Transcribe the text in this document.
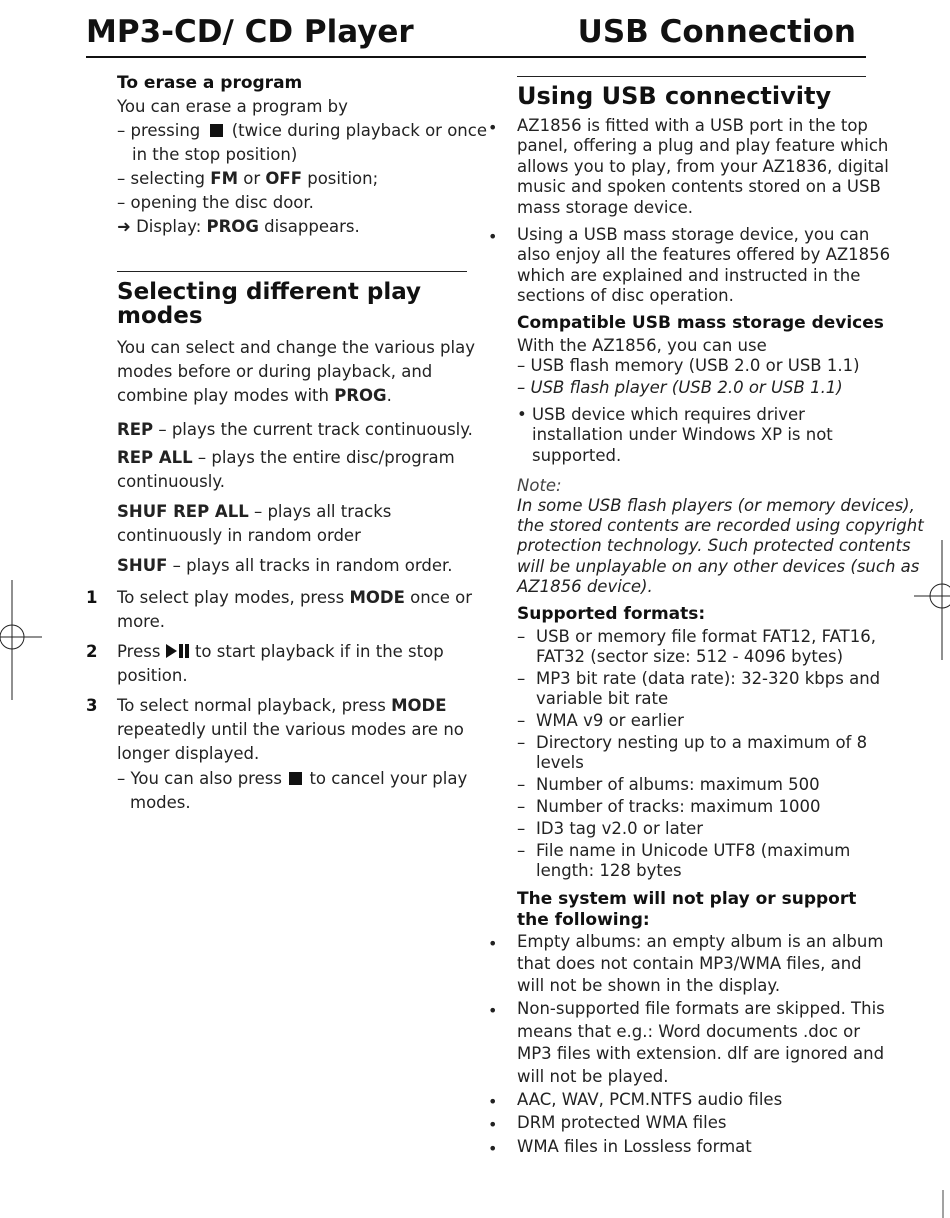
MP3-CD/ CD Player	USB Connection
To erase a program
You can erase a program by
– pressing (twice during playback or once
in the stop position)
– selecting FM or OFF position;
– opening the disc door.
➜ Display: PROG disappears.
Selecting different play
modes
You can select and change the various play
modes before or during playback, and
combine play modes with PROG.
REP – plays the current track continuously.
REP ALL – plays the entire disc/program
continuously.
SHUF REP ALL – plays all tracks
continuously in random order
SHUF – plays all tracks in random order.
1 To select play modes, press MODE once or
more.
2 Press to start playback if in the stop
position.
3 To select normal playback, press MODE
repeatedly until the various modes are no
longer displayed.
– You can also press to cancel your play
modes.
Using USB connectivity
• AZ1856 is fitted with a USB port in the top
panel, offering a plug and play feature which
allows you to play, from your AZ1836, digital
music and spoken contents stored on a USB
mass storage device.
• Using a USB mass storage device, you can
also enjoy all the features offered by AZ1856
which are explained and instructed in the
sections of disc operation.
Compatible USB mass storage devices
With the AZ1856, you can use
– USB flash memory (USB 2.0 or USB 1.1)
– USB flash player (USB 2.0 or USB 1.1)
• USB device which requires driver
installation under Windows XP is not
supported.
Note:
In some USB flash players (or memory devices),
the stored contents are recorded using copyright
protection technology. Such protected contents
will be unplayable on any other devices (such as
AZ1856 device).
Supported formats:
– USB or memory file format FAT12, FAT16,
FAT32 (sector size: 512 - 4096 bytes)
– MP3 bit rate (data rate): 32-320 kbps and
variable bit rate
– WMA v9 or earlier
– Directory nesting up to a maximum of 8
levels
– Number of albums: maximum 500
– Number of tracks: maximum 1000
– ID3 tag v2.0 or later
– File name in Unicode UTF8 (maximum
length: 128 bytes
The system will not play or support
the following:
• Empty albums: an empty album is an album
that does not contain MP3/WMA files, and
will not be shown in the display.
• Non-supported file formats are skipped. This
means that e.g.: Word documents .doc or
MP3 files with extension. dlf are ignored and
will not be played.
• AAC, WAV, PCM.NTFS audio files
• DRM protected WMA files
• WMA files in Lossless format
